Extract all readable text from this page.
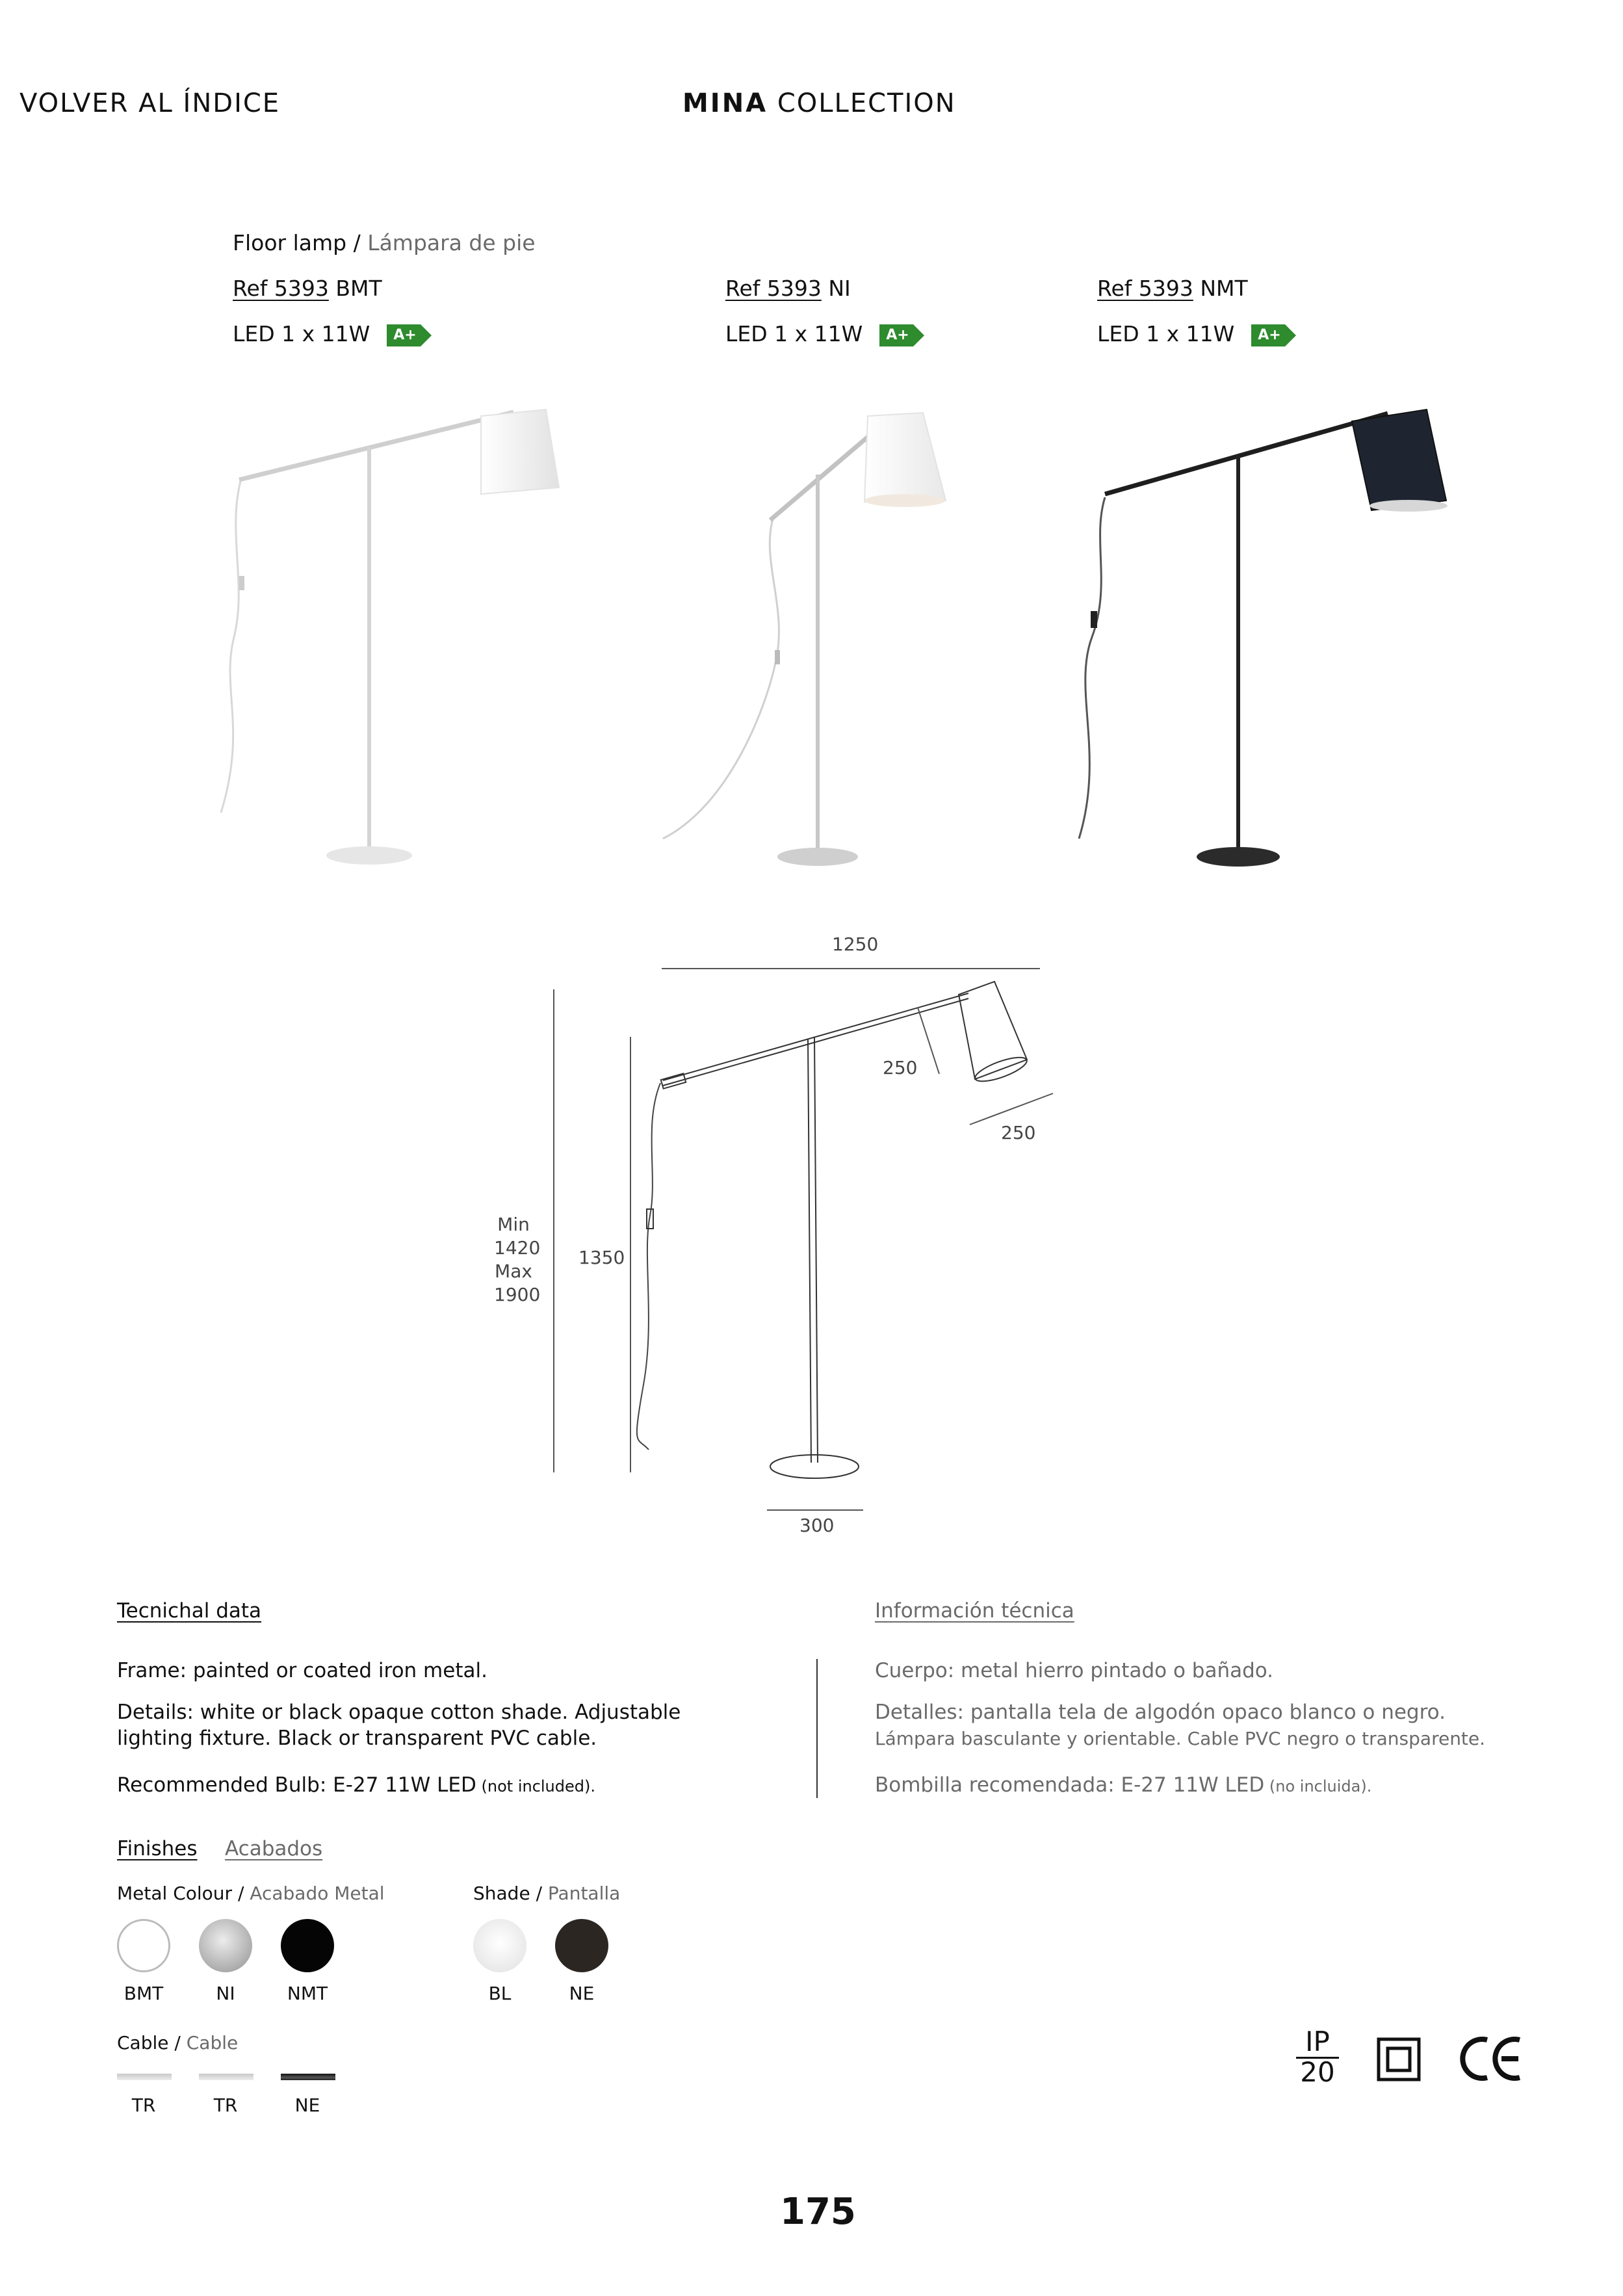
VOLVER AL ÍNDICE	MINA COLLECTION
Floor lamp / Lámpara de pie
Ref 5393 BMT
LED 1 x 11W A+
Ref 5393 NI
LED 1 x 11W A+
Ref 5393 NMT
LED 1 x 11W A+
1250
250
250
300
1350
Min
1420
Max
1900
Tecnichal data
Frame: painted or coated iron metal.
Details: white or black opaque cotton shade. Adjustable
lighting fixture. Black or transparent PVC cable.
Recommended Bulb: E-27 11W LED (not included).
Información técnica
Cuerpo: metal hierro pintado o bañado.
Detalles: pantalla tela de algodón opaco blanco o negro.
Lámpara basculante y orientable. Cable PVC negro o transparente.
Bombilla recomendada: E-27 11W LED (no incluida).
Finishes Acabados
Metal Colour / Acabado Metal	Shade / Pantalla
BMT	NI	NMT	BL	NE
Cable / Cable
TR	TR	NE
IP
20
175
